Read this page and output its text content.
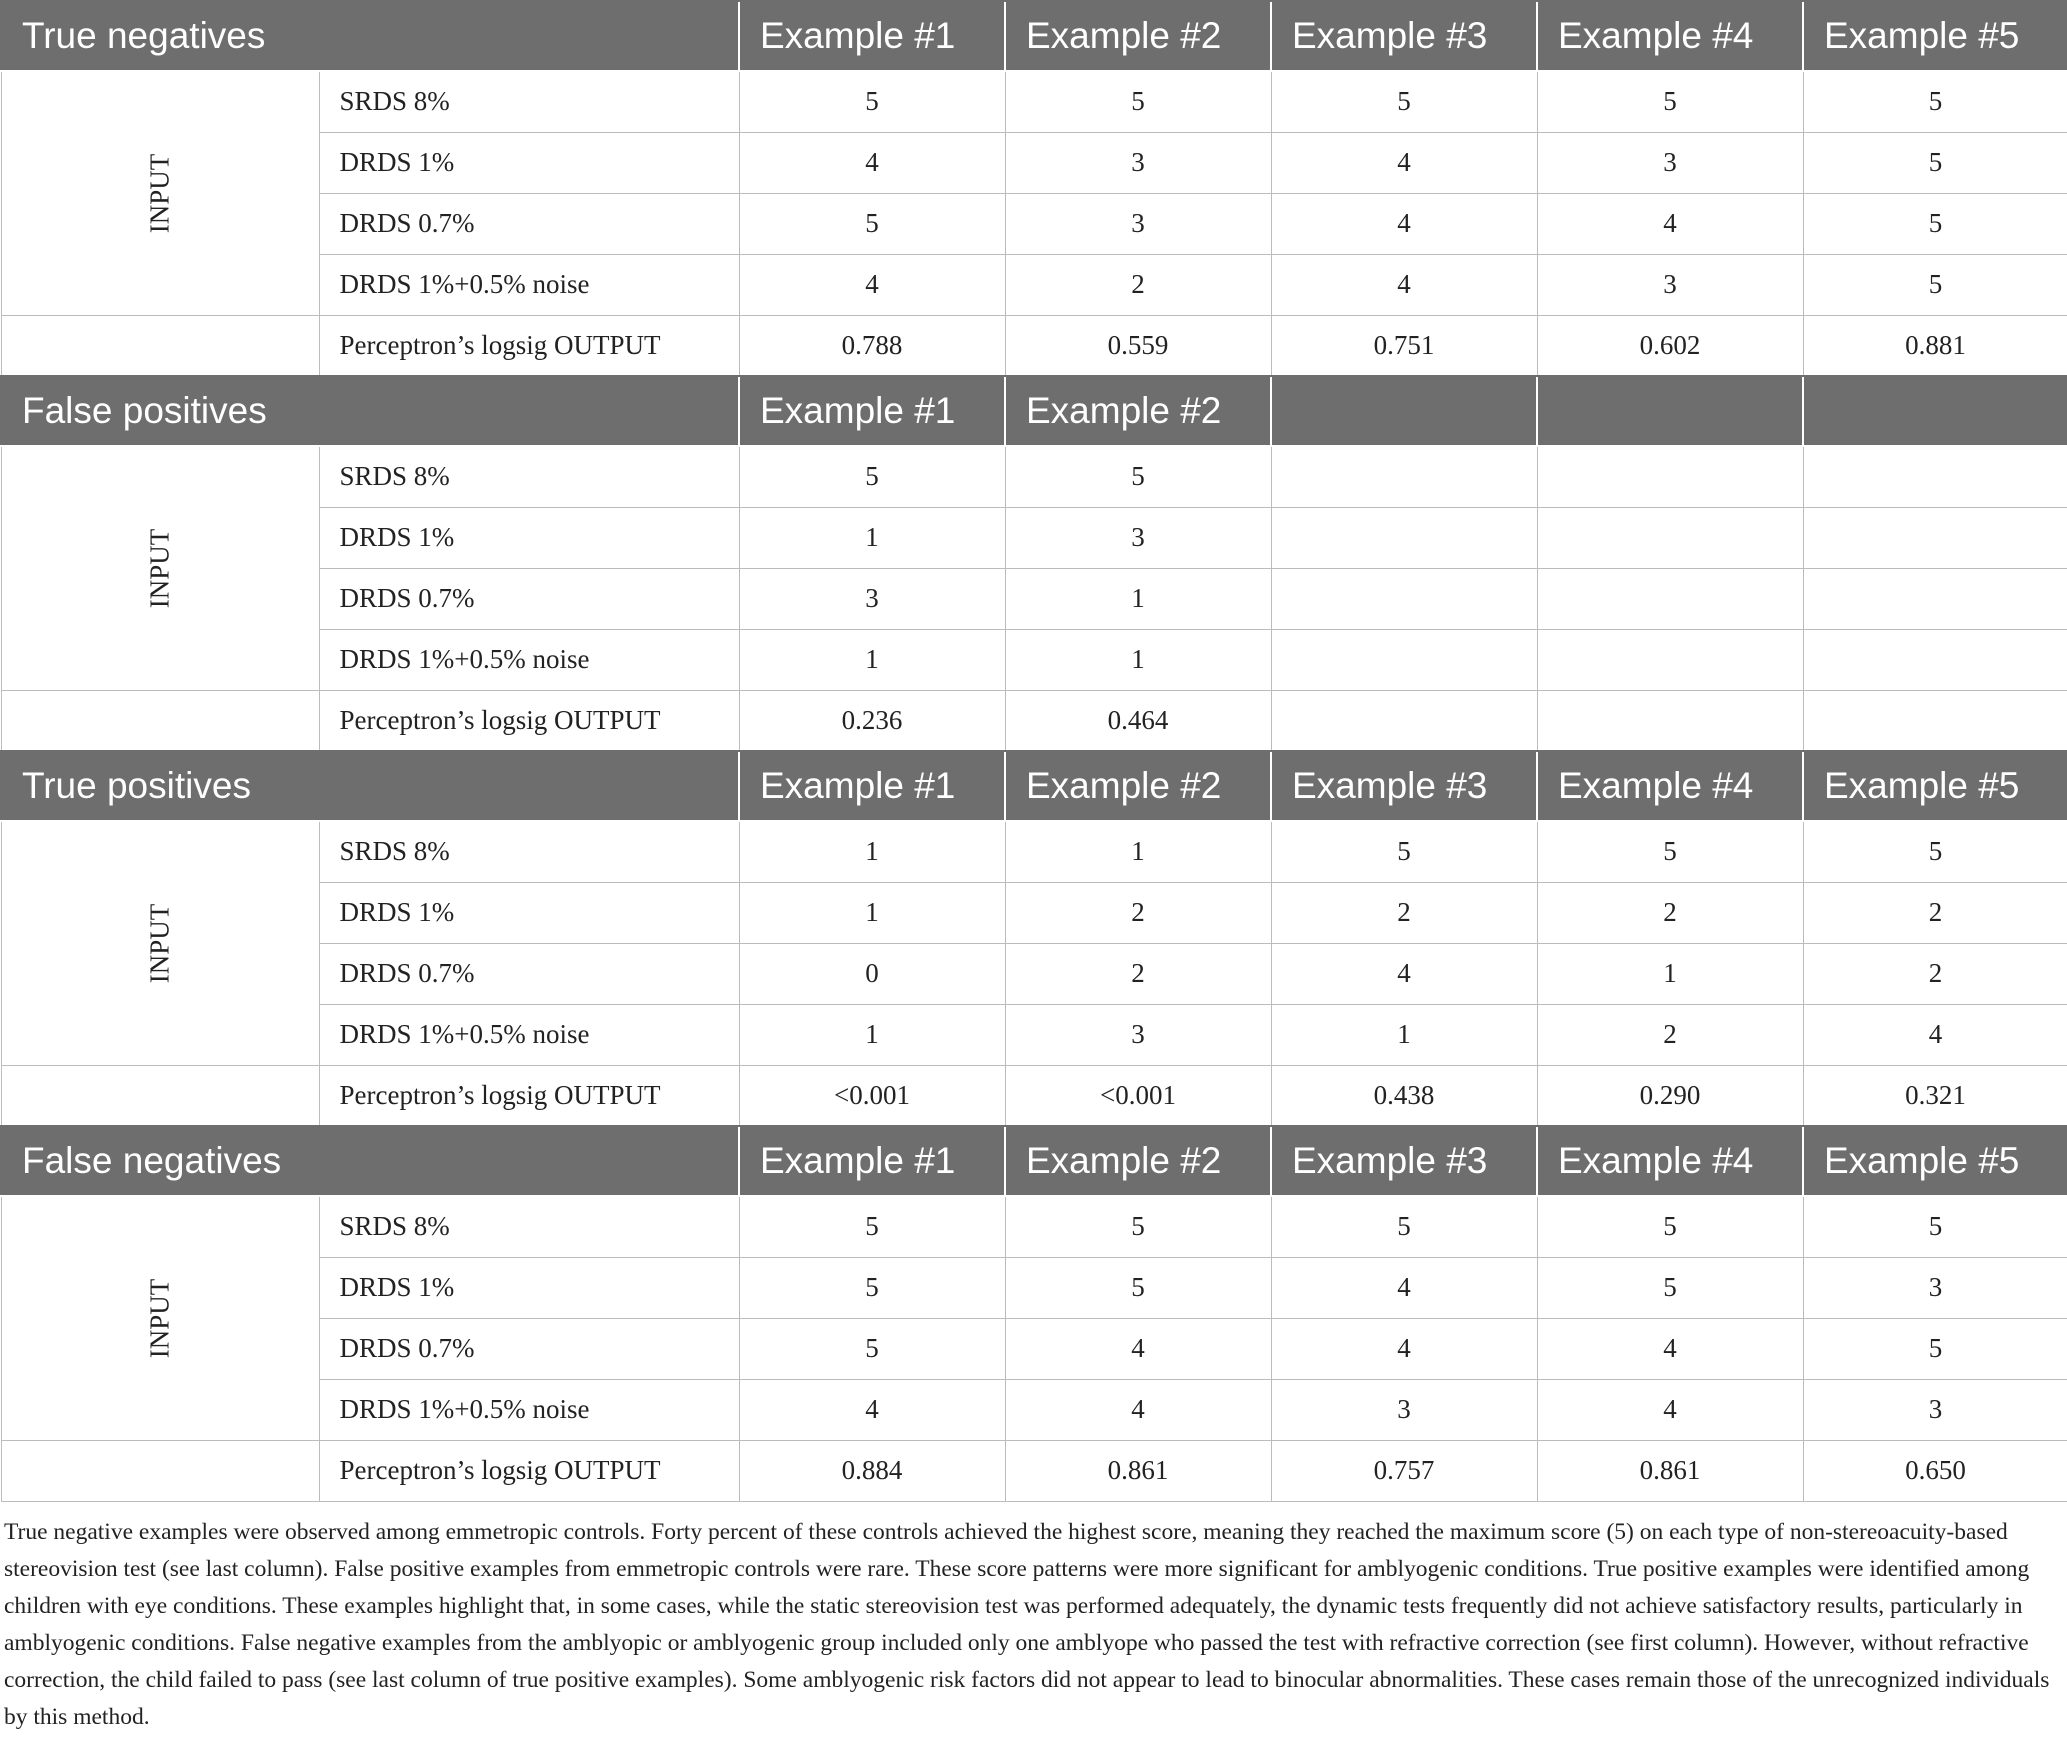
True negatives		Example #1	Example #2	Example #3	Example #4	Example #5
INPUT	SRDS 8%	5	5	5	5	5
	DRDS 1%	4	3	4	3	5
	DRDS 0.7%	5	3	4	4	5
	DRDS 1%+0.5% noise	4	2	4	3	5
	Perceptron’s logsig OUTPUT	0.788	0.559	0.751	0.602	0.881
False positives		Example #1	Example #2			
INPUT	SRDS 8%	5	5			
	DRDS 1%	1	3			
	DRDS 0.7%	3	1			
	DRDS 1%+0.5% noise	1	1			
	Perceptron’s logsig OUTPUT	0.236	0.464			
True positives		Example #1	Example #2	Example #3	Example #4	Example #5
INPUT	SRDS 8%	1	1	5	5	5
	DRDS 1%	1	2	2	2	2
	DRDS 0.7%	0	2	4	1	2
	DRDS 1%+0.5% noise	1	3	1	2	4
	Perceptron’s logsig OUTPUT	<0.001	<0.001	0.438	0.290	0.321
False negatives		Example #1	Example #2	Example #3	Example #4	Example #5
INPUT	SRDS 8%	5	5	5	5	5
	DRDS 1%	5	5	4	5	3
	DRDS 0.7%	5	4	4	4	5
	DRDS 1%+0.5% noise	4	4	3	4	3
	Perceptron’s logsig OUTPUT	0.884	0.861	0.757	0.861	0.650

True negative examples were observed among emmetropic controls. Forty percent of these controls achieved the highest score, meaning they reached the maximum score (5) on each type of non-stereoacuity-based stereovision test (see last column). False positive examples from emmetropic controls were rare. These score patterns were more significant for amblyogenic conditions. True positive examples were identified among children with eye conditions. These examples highlight that, in some cases, while the static stereovision test was performed adequately, the dynamic tests frequently did not achieve satisfactory results, particularly in amblyogenic conditions. False negative examples from the amblyopic or amblyogenic group included only one amblyope who passed the test with refractive correction (see first column). However, without refractive correction, the child failed to pass (see last column of true positive examples). Some amblyogenic risk factors did not appear to lead to binocular abnormalities. These cases remain those of the unrecognized individuals by this method.
